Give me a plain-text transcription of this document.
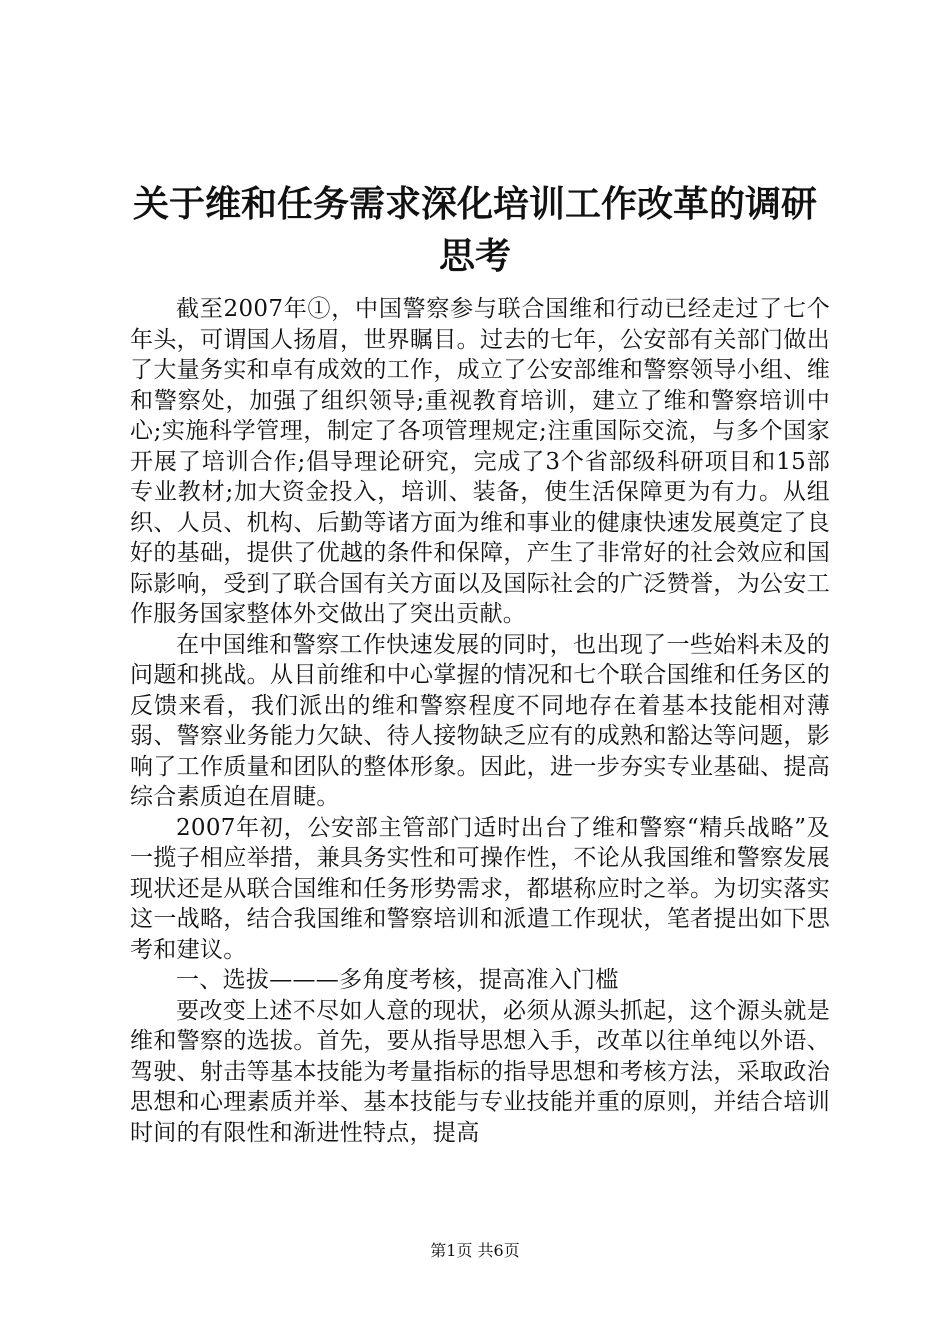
关于维和任务需求深化培训工作改革的调研思考

截至2007年①，中国警察参与联合国维和行动已经走过了七个年头，可谓国人扬眉，世界瞩目。过去的七年，公安部有关部门做出了大量务实和卓有成效的工作，成立了公安部维和警察领导小组、维和警察处，加强了组织领导;重视教育培训，建立了维和警察培训中心;实施科学管理，制定了各项管理规定;注重国际交流，与多个国家开展了培训合作;倡导理论研究，完成了3个省部级科研项目和15部专业教材;加大资金投入，培训、装备，使生活保障更为有力。从组织、人员、机构、后勤等诸方面为维和事业的健康快速发展奠定了良好的基础，提供了优越的条件和保障，产生了非常好的社会效应和国际影响，受到了联合国有关方面以及国际社会的广泛赞誉，为公安工作服务国家整体外交做出了突出贡献。

在中国维和警察工作快速发展的同时，也出现了一些始料未及的问题和挑战。从目前维和中心掌握的情况和七个联合国维和任务区的反馈来看，我们派出的维和警察程度不同地存在着基本技能相对薄弱、警察业务能力欠缺、待人接物缺乏应有的成熟和豁达等问题，影响了工作质量和团队的整体形象。因此，进一步夯实专业基础、提高综合素质迫在眉睫。

2007年初，公安部主管部门适时出台了维和警察“精兵战略”及一揽子相应举措，兼具务实性和可操作性，不论从我国维和警察发展现状还是从联合国维和任务形势需求，都堪称应时之举。为切实落实这一战略，结合我国维和警察培训和派遣工作现状，笔者提出如下思考和建议。

一、选拔———多角度考核，提高准入门槛

要改变上述不尽如人意的现状，必须从源头抓起，这个源头就是维和警察的选拔。首先，要从指导思想入手，改革以往单纯以外语、驾驶、射击等基本技能为考量指标的指导思想和考核方法，采取政治思想和心理素质并举、基本技能与专业技能并重的原则，并结合培训时间的有限性和渐进性特点，提高

第1页 共6页
